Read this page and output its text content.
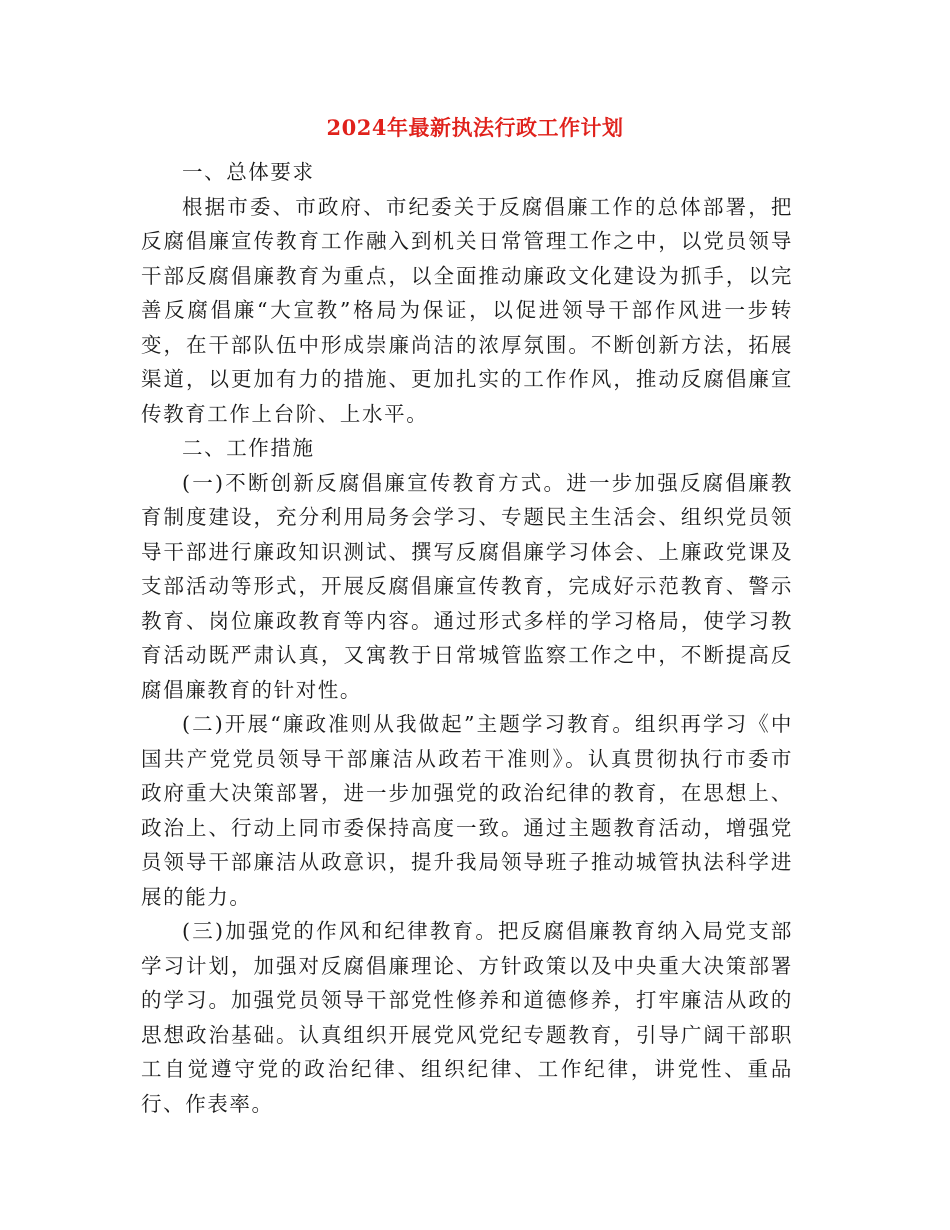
2024年最新执法行政工作计划

一、总体要求

根据市委、市政府、市纪委关于反腐倡廉工作的总体部署，把反腐倡廉宣传教育工作融入到机关日常管理工作之中，以党员领导干部反腐倡廉教育为重点，以全面推动廉政文化建设为抓手，以完善反腐倡廉“大宣教”格局为保证，以促进领导干部作风进一步转变，在干部队伍中形成崇廉尚洁的浓厚氛围。不断创新方法，拓展渠道，以更加有力的措施、更加扎实的工作作风，推动反腐倡廉宣传教育工作上台阶、上水平。

二、工作措施

(一)不断创新反腐倡廉宣传教育方式。进一步加强反腐倡廉教育制度建设，充分利用局务会学习、专题民主生活会、组织党员领导干部进行廉政知识测试、撰写反腐倡廉学习体会、上廉政党课及支部活动等形式，开展反腐倡廉宣传教育，完成好示范教育、警示教育、岗位廉政教育等内容。通过形式多样的学习格局，使学习教育活动既严肃认真，又寓教于日常城管监察工作之中，不断提高反腐倡廉教育的针对性。

(二)开展“廉政准则从我做起”主题学习教育。组织再学习《中国共产党党员领导干部廉洁从政若干准则》。认真贯彻执行市委市政府重大决策部署，进一步加强党的政治纪律的教育，在思想上、政治上、行动上同市委保持高度一致。通过主题教育活动，增强党员领导干部廉洁从政意识，提升我局领导班子推动城管执法科学进展的能力。

(三)加强党的作风和纪律教育。把反腐倡廉教育纳入局党支部学习计划，加强对反腐倡廉理论、方针政策以及中央重大决策部署的学习。加强党员领导干部党性修养和道德修养，打牢廉洁从政的思想政治基础。认真组织开展党风党纪专题教育，引导广阔干部职工自觉遵守党的政治纪律、组织纪律、工作纪律，讲党性、重品行、作表率。
